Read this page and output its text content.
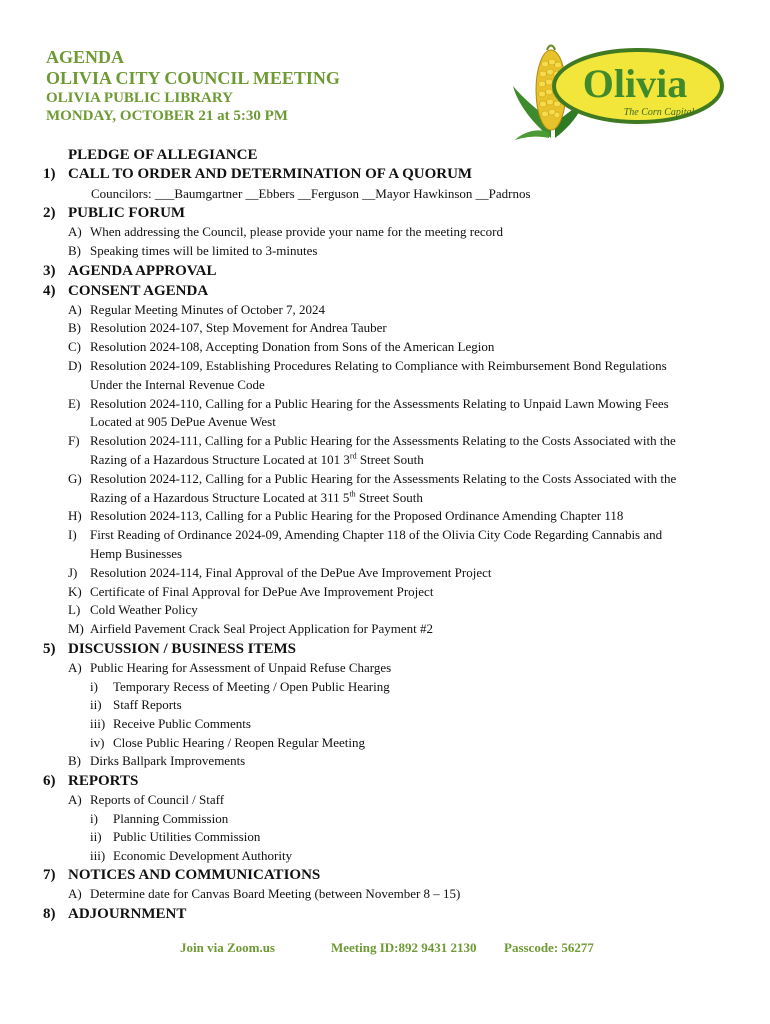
AGENDA
OLIVIA CITY COUNCIL MEETING
OLIVIA PUBLIC LIBRARY
MONDAY, OCTOBER 21 at 5:30 PM
Olivia
The Corn Capital
PLEDGE OF ALLEGIANCE
1) CALL TO ORDER AND DETERMINATION OF A QUORUM
Councilors: ___Baumgartner __Ebbers __Ferguson __Mayor Hawkinson __Padrnos
2) PUBLIC FORUM
A) When addressing the Council, please provide your name for the meeting record
B) Speaking times will be limited to 3-minutes
3) AGENDA APPROVAL
4) CONSENT AGENDA
A) Regular Meeting Minutes of October 7, 2024
B) Resolution 2024-107, Step Movement for Andrea Tauber
C) Resolution 2024-108, Accepting Donation from Sons of the American Legion
D) Resolution 2024-109, Establishing Procedures Relating to Compliance with Reimbursement Bond Regulations
Under the Internal Revenue Code
E) Resolution 2024-110, Calling for a Public Hearing for the Assessments Relating to Unpaid Lawn Mowing Fees
Located at 905 DePue Avenue West
F) Resolution 2024-111, Calling for a Public Hearing for the Assessments Relating to the Costs Associated with the
Razing of a Hazardous Structure Located at 101 3rd Street South
G) Resolution 2024-112, Calling for a Public Hearing for the Assessments Relating to the Costs Associated with the
Razing of a Hazardous Structure Located at 311 5th Street South
H) Resolution 2024-113, Calling for a Public Hearing for the Proposed Ordinance Amending Chapter 118
I) First Reading of Ordinance 2024-09, Amending Chapter 118 of the Olivia City Code Regarding Cannabis and
Hemp Businesses
J) Resolution 2024-114, Final Approval of the DePue Ave Improvement Project
K) Certificate of Final Approval for DePue Ave Improvement Project
L) Cold Weather Policy
M) Airfield Pavement Crack Seal Project Application for Payment #2
5) DISCUSSION / BUSINESS ITEMS
A) Public Hearing for Assessment of Unpaid Refuse Charges
i)	Temporary Recess of Meeting / Open Public Hearing
ii) Staff Reports
iii) Receive Public Comments
iv) Close Public Hearing / Reopen Regular Meeting
B) Dirks Ballpark Improvements
6) REPORTS
A) Reports of Council / Staff
i)	Planning Commission
ii) Public Utilities Commission
iii) Economic Development Authority
7) NOTICES AND COMMUNICATIONS
A) Determine date for Canvas Board Meeting (between November 8 – 15)
8) ADJOURNMENT
Join via Zoom.us	Meeting ID:892 9431 2130 Passcode: 56277
